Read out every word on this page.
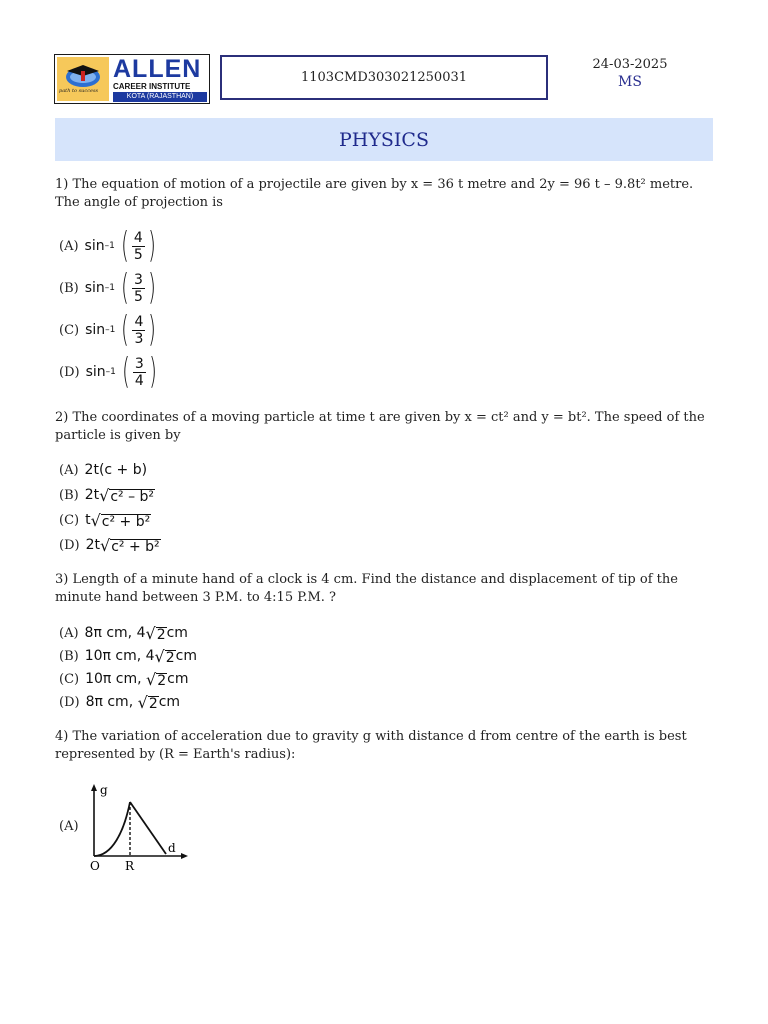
path to success
ALLEN
CAREER INSTITUTE
KOTA (RAJASTHAN)
1103CMD303021250031
24-03-2025
MS
PHYSICS
1) The equation of motion of a projectile are given by x = 36 t metre and 2y = 96 t – 9.8t² metre. The angle of projection is
(A) sin –1 ( $\frac{4}{5}$ )
(B) sin –1 ( $\frac{3}{5}$ )
(C) sin –1 ( $\frac{4}{3}$ )
(D) sin –1 ( $\frac{3}{4}$ )
2) The coordinates of a moving particle at time t are given by x = ct² and y = bt². The speed of the particle is given by
(A) 2t(c + b)
(B) 2t √ c² – b²
(C) t √ c² + b²
(D) 2t √ c² + b²
3) Length of a minute hand of a clock is 4 cm. Find the distance and displacement of tip of the minute hand between 3 P.M. to 4:15 P.M. ?
(A) 8π cm, 4 √ 2 cm
(B) 10π cm, 4 √ 2 cm
(C) 10π cm, √ 2 cm
(D) 8π cm, √ 2 cm
4) The variation of acceleration due to gravity g with distance d from centre of the earth is best represented by (R = Earth's radius):
(A)
g
d
O R
